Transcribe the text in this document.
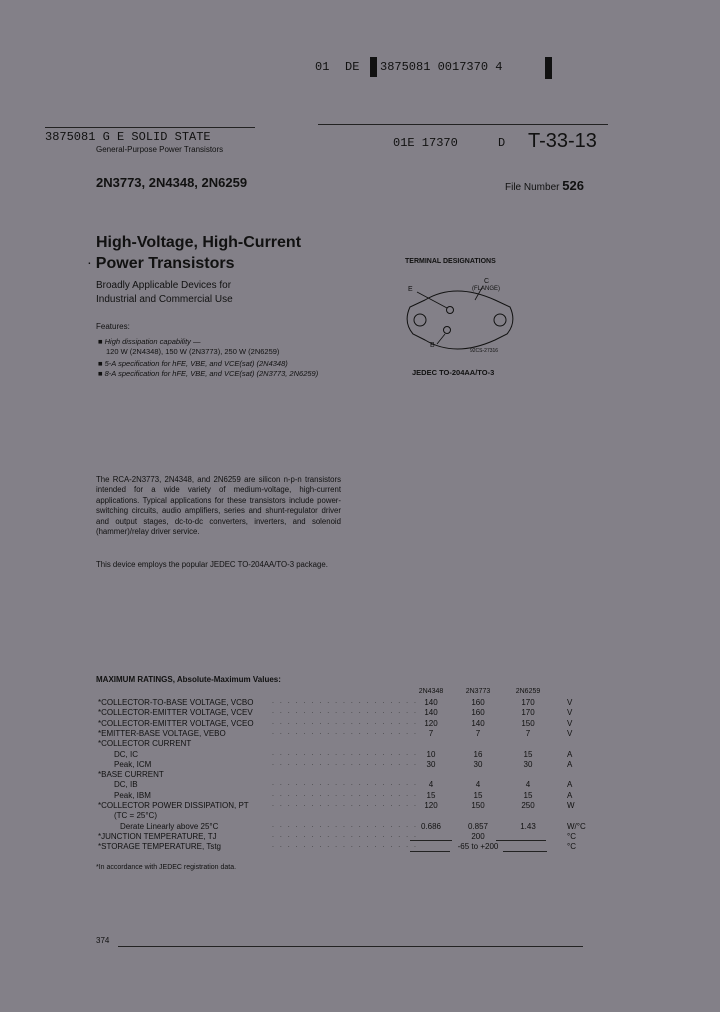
01 DE 3875081 0017370 4
3875081 G E SOLID STATE
General-Purpose Power Transistors	01E 17370	D T-33-13
2N3773, 2N4348, 2N6259	File Number 526
High-Voltage, High-Current
· Power Transistors
Broadly Applicable Devices for
Industrial and Commercial Use
Features:
■ High dissipation capability —
120 W (2N4348), 150 W (2N3773), 250 W (2N6259)
■ 5-A specification for hFE, VBE, and VCE(sat) (2N4348)
■ 8-A specification for hFE, VBE, and VCE(sat) (2N3773, 2N6259)
TERMINAL DESIGNATIONS
E
C
(FLANGE)
B
92CS-27316
JEDEC TO-204AA/TO-3
The RCA-2N3773, 2N4348, and 2N6259 are silicon n-p-n transistors intended for a wide variety of medium-voltage, high-current applications. Typical applications for these transistors include power-switching circuits, audio amplifiers, series and shunt-regulator driver and output stages, dc-to-dc converters, inverters, and solenoid (hammer)/relay driver service.
This device employs the popular JEDEC TO-204AA/TO-3 package.
MAXIMUM RATINGS, Absolute-Maximum Values:
2N4348	2N3773	2N6259
*COLLECTOR-TO-BASE VOLTAGE, VCBO	. . . . . . . . . . . . . . . . . . . 140	160	170	V
*COLLECTOR-EMITTER VOLTAGE, VCEV	. . . . . . . . . . . . . . . . . . . 140	160	170	V
*COLLECTOR-EMITTER VOLTAGE, VCEO	. . . . . . . . . . . . . . . . . . . 120	140	150	V
*EMITTER-BASE VOLTAGE, VEBO	. . . . . . . . . . . . . . . . . . .	7	7	7	V
*COLLECTOR CURRENT
DC, IC	. . . . . . . . . . . . . . . . . . .	10	16	15	A
Peak, ICM	. . . . . . . . . . . . . . . . . . .	30	30	30	A
*BASE CURRENT
DC, IB	. . . . . . . . . . . . . . . . . . .	4	4	4	A
Peak, IBM	. . . . . . . . . . . . . . . . . . .	15	15	15	A
*COLLECTOR POWER DISSIPATION, PT	. . . . . . . . . . . . . . . . . . . 120	150	250	W
(TC = 25°C)
Derate Linearly above 25°C	. . . . . . . . . . . . . . . . . . . 0.686	0.857	1.43	W/°C
*JUNCTION TEMPERATURE, TJ	. . . . . . . . . . . . . . . . . . .	200	°C
*STORAGE TEMPERATURE, Tstg	. . . . . . . . . . . . . . . . . . .	-65 to +200	°C
*In accordance with JEDEC registration data.
374
